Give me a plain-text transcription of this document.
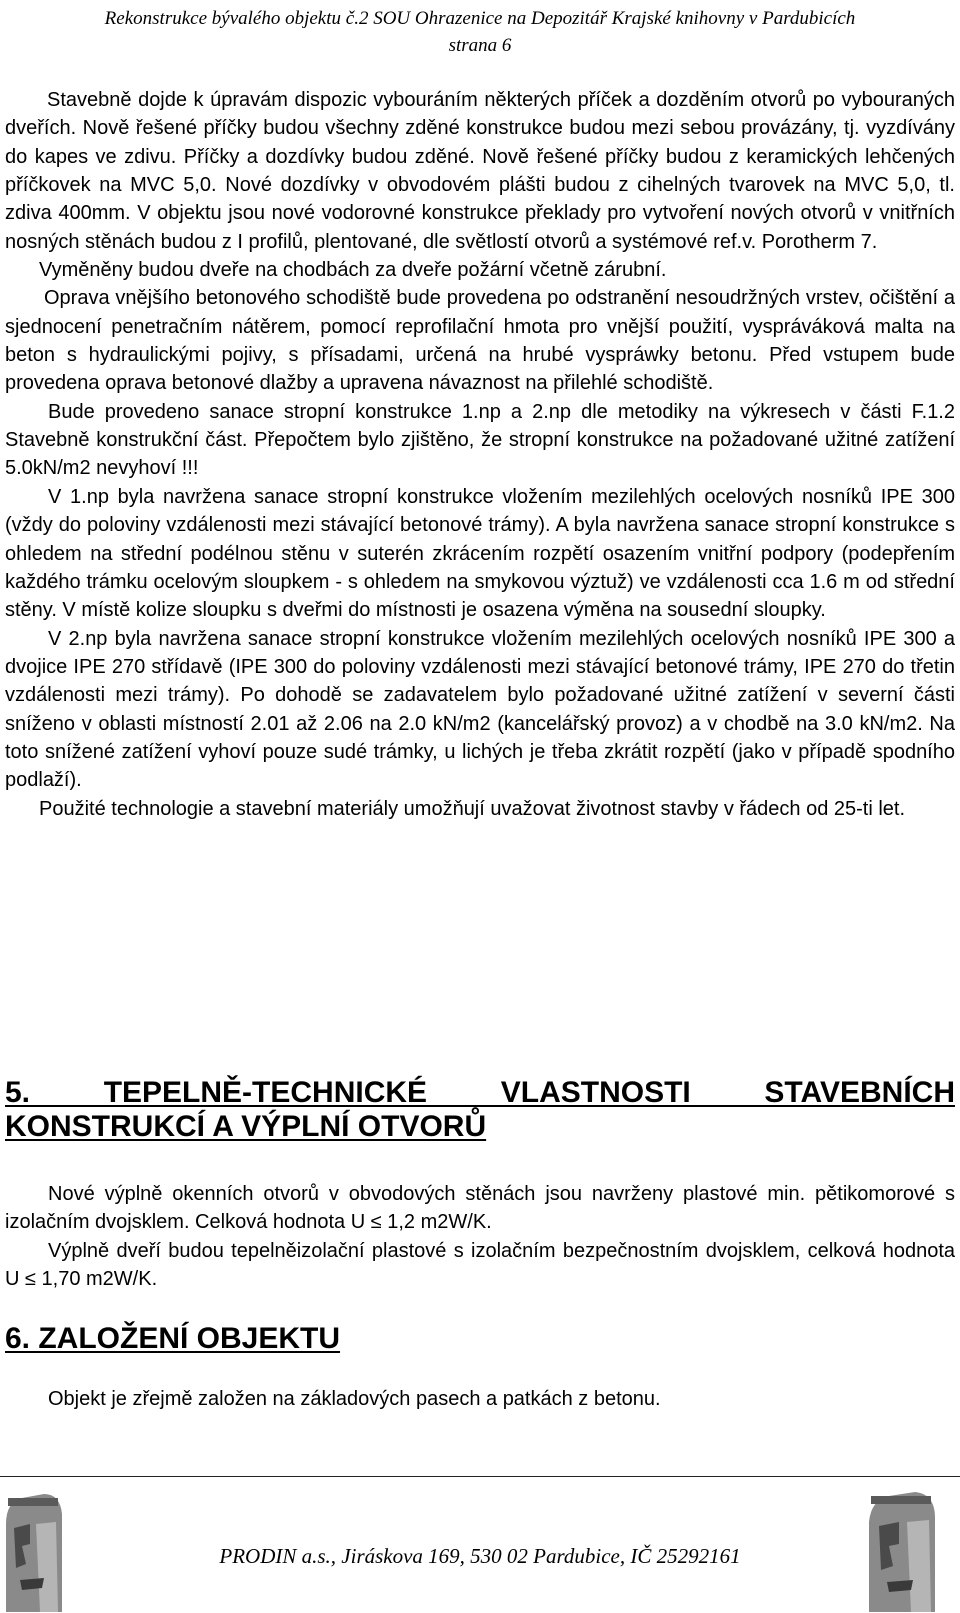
Rekonstrukce bývalého objektu č.2 SOU Ohrazenice na Depozitář Krajské knihovny v Pardubicích
strana 6

Stavebně dojde k úpravám dispozic vybouráním některých příček a dozděním otvorů po vybouraných dveřích. Nově řešené příčky budou všechny zděné konstrukce budou mezi sebou provázány, tj. vyzdívány do kapes ve zdivu. Příčky a dozdívky budou zděné. Nově řešené příčky budou z keramických lehčených příčkovek na MVC 5,0. Nové dozdívky v obvodovém plášti budou z cihelných tvarovek na MVC 5,0, tl. zdiva 400mm. V objektu jsou nové vodorovné konstrukce překlady pro vytvoření nových otvorů v vnitřních nosných stěnách budou z I profilů, plentované, dle světlostí otvorů a systémové ref.v. Porotherm 7.

Vyměněny budou dveře na chodbách za dveře požární včetně zárubní.

Oprava vnějšího betonového schodiště bude provedena po odstranění nesoudržných vrstev, očištění a sjednocení penetračním nátěrem, pomocí reprofilační hmota pro vnější použití, vyspráváková malta na beton s hydraulickými pojivy, s přísadami, určená na hrubé vyspráwky betonu. Před vstupem bude provedena oprava betonové dlažby a upravena návaznost na přilehlé schodiště.

Bude provedeno sanace stropní konstrukce 1.np a 2.np dle metodiky na výkresech v části F.1.2 Stavebně konstrukční část. Přepočtem bylo zjištěno, že stropní konstrukce na požadované užitné zatížení 5.0kN/m2 nevyhoví !!!

V 1.np byla navržena sanace stropní konstrukce vložením mezilehlých ocelových nosníků IPE 300 (vždy do poloviny vzdálenosti mezi stávající betonové trámy). A byla navržena sanace stropní konstrukce s ohledem na střední podélnou stěnu v suterén zkrácením rozpětí osazením vnitřní podpory (podepřením každého trámku ocelovým sloupkem - s ohledem na smykovou výztuž) ve vzdálenosti cca 1.6 m od střední stěny. V místě kolize sloupku s dveřmi do místnosti je osazena výměna na sousední sloupky.

V 2.np byla navržena sanace stropní konstrukce vložením mezilehlých ocelových nosníků IPE 300 a dvojice IPE 270 střídavě (IPE 300 do poloviny vzdálenosti mezi stávající betonové trámy, IPE 270 do třetin vzdálenosti mezi trámy). Po dohodě se zadavatelem bylo požadované užitné zatížení v severní části sníženo v oblasti místností 2.01 až 2.06 na 2.0 kN/m2 (kancelářský provoz) a v chodbě na 3.0 kN/m2. Na toto snížené zatížení vyhoví pouze sudé trámky, u lichých je třeba zkrátit rozpětí (jako v případě spodního podlaží).

Použité technologie a stavební materiály umožňují uvažovat životnost stavby v řádech od 25-ti let.

5. TEPELNĚ-TECHNICKÉ VLASTNOSTI STAVEBNÍCH KONSTRUKCÍ A VÝPLNÍ OTVORŮ

Nové výplně okenních otvorů v obvodových stěnách jsou navrženy plastové min. pětikomorové s izolačním dvojsklem. Celková hodnota U ≤ 1,2 m2W/K.

Výplně dveří budou tepelněizolační plastové s izolačním bezpečnostním dvojsklem, celková hodnota U ≤ 1,70 m2W/K.

6. ZALOŽENÍ OBJEKTU

Objekt je zřejmě založen na základových pasech a patkách z betonu.

PRODIN a.s., Jiráskova 169, 530 02 Pardubice, IČ 25292161
